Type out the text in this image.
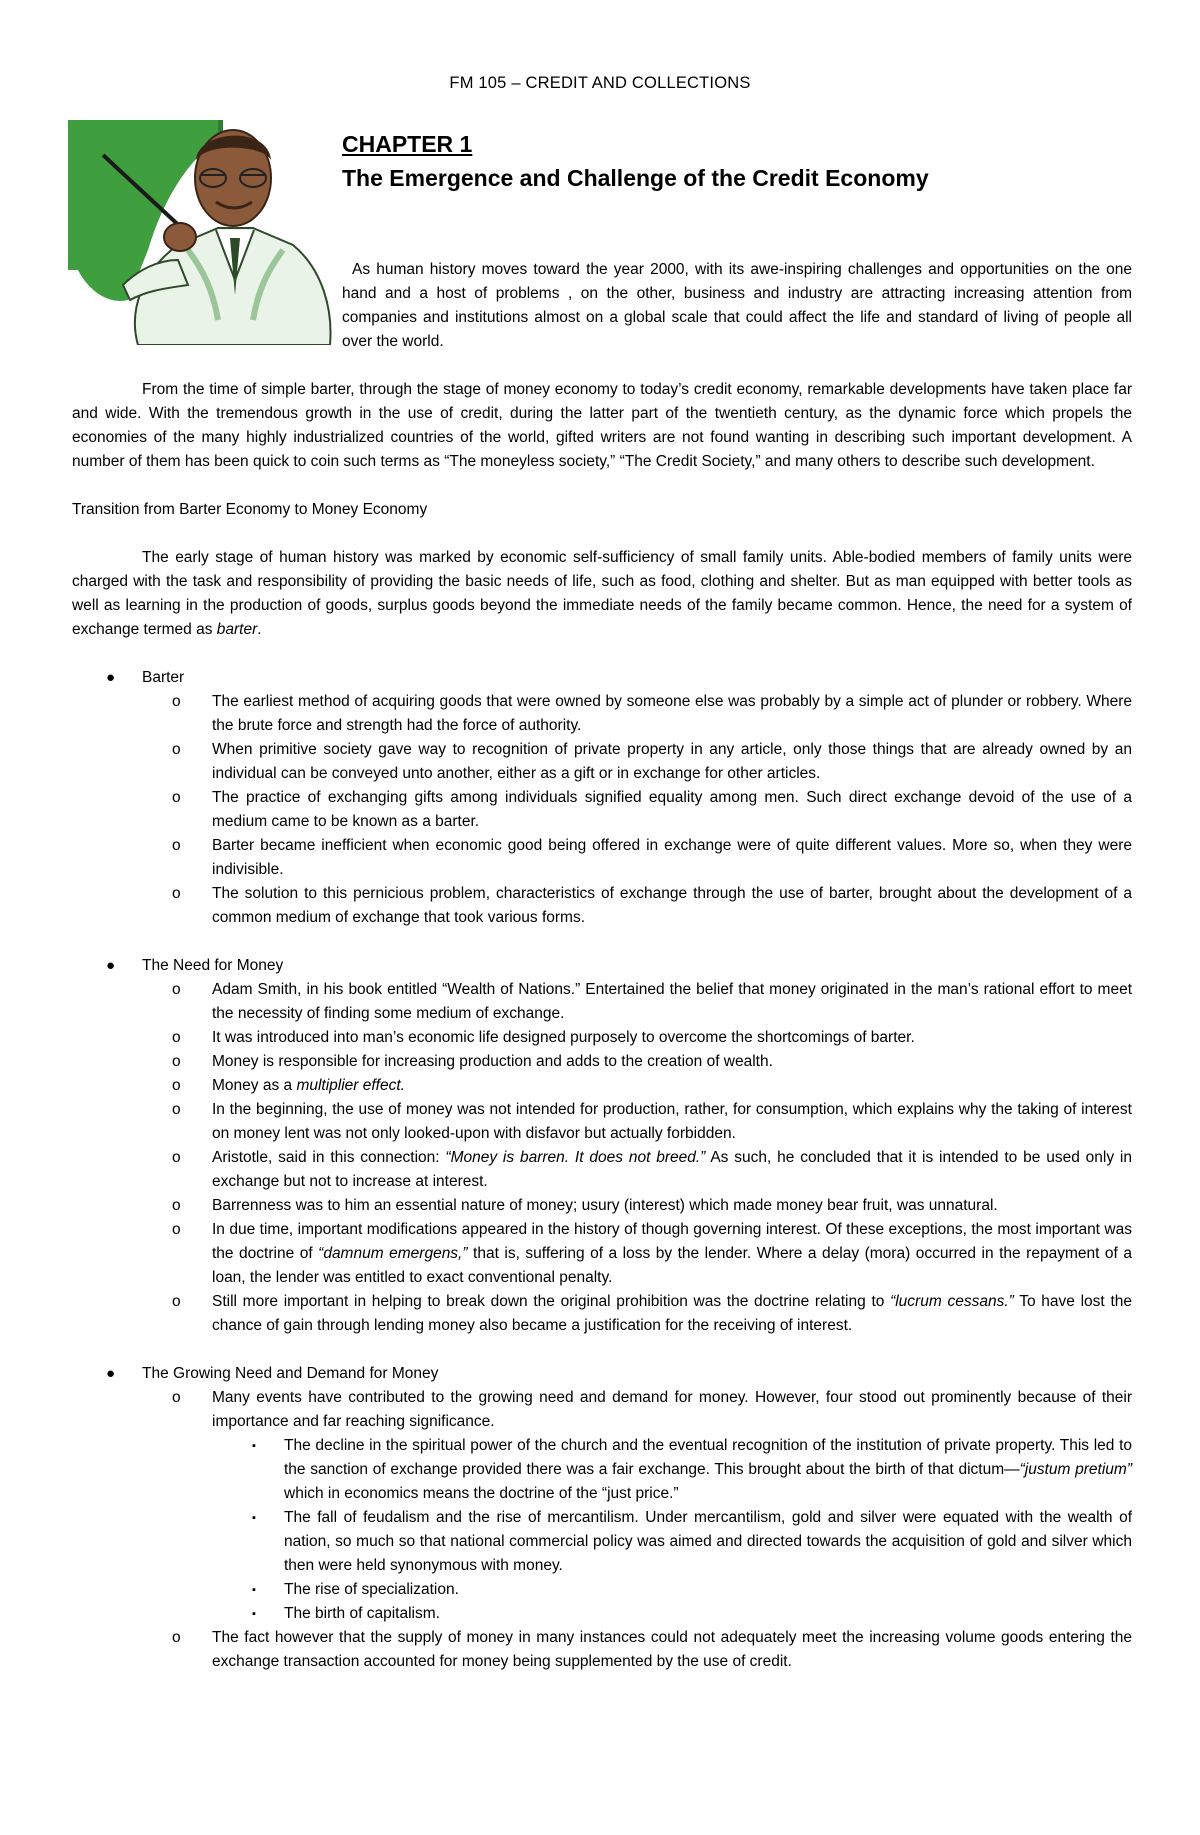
FM 105 – CREDIT AND COLLECTIONS

CHAPTER 1

The Emergence and Challenge of the Credit Economy

As human history moves toward the year 2000, with its awe-inspiring challenges and opportunities on the one hand and a host of problems , on the other, business and industry are attracting increasing attention from companies and institutions almost on a global scale that could affect the life and standard of living of people all over the world.

From the time of simple barter, through the stage of money economy to today’s credit economy, remarkable developments have taken place far and wide. With the tremendous growth in the use of credit, during the latter part of the twentieth century, as the dynamic force which propels the economies of the many highly industrialized countries of the world, gifted writers are not found wanting in describing such important development. A number of them has been quick to coin such terms as “The moneyless society,” “The Credit Society,” and many others to describe such development.

Transition from Barter Economy to Money Economy

The early stage of human history was marked by economic self-sufficiency of small family units. Able-bodied members of family units were charged with the task and responsibility of providing the basic needs of life, such as food, clothing and shelter. But as man equipped with better tools as well as learning in the production of goods, surplus goods beyond the immediate needs of the family became common. Hence, the need for a system of exchange termed as barter.

● Barter
o The earliest method of acquiring goods that were owned by someone else was probably by a simple act of plunder or robbery. Where the brute force and strength had the force of authority.
o When primitive society gave way to recognition of private property in any article, only those things that are already owned by an individual can be conveyed unto another, either as a gift or in exchange for other articles.
o The practice of exchanging gifts among individuals signified equality among men. Such direct exchange devoid of the use of a medium came to be known as a barter.
o Barter became inefficient when economic good being offered in exchange were of quite different values. More so, when they were indivisible.
o The solution to this pernicious problem, characteristics of exchange through the use of barter, brought about the development of a common medium of exchange that took various forms.
● The Need for Money
o Adam Smith, in his book entitled “Wealth of Nations.” Entertained the belief that money originated in the man’s rational effort to meet the necessity of finding some medium of exchange.
o It was introduced into man’s economic life designed purposely to overcome the shortcomings of barter.
o Money is responsible for increasing production and adds to the creation of wealth.
o Money as a multiplier effect.
o In the beginning, the use of money was not intended for production, rather, for consumption, which explains why the taking of interest on money lent was not only looked-upon with disfavor but actually forbidden.
o Aristotle, said in this connection: “Money is barren. It does not breed.” As such, he concluded that it is intended to be used only in exchange but not to increase at interest.
o Barrenness was to him an essential nature of money; usury (interest) which made money bear fruit, was unnatural.
o In due time, important modifications appeared in the history of though governing interest. Of these exceptions, the most important was the doctrine of “damnum emergens,” that is, suffering of a loss by the lender. Where a delay (mora) occurred in the repayment of a loan, the lender was entitled to exact conventional penalty.
o Still more important in helping to break down the original prohibition was the doctrine relating to “lucrum cessans.” To have lost the chance of gain through lending money also became a justification for the receiving of interest.
● The Growing Need and Demand for Money
o Many events have contributed to the growing need and demand for money. However, four stood out prominently because of their importance and far reaching significance.
▪ The decline in the spiritual power of the church and the eventual recognition of the institution of private property. This led to the sanction of exchange provided there was a fair exchange. This brought about the birth of that dictum—“justum pretium” which in economics means the doctrine of the “just price.”
▪ The fall of feudalism and the rise of mercantilism. Under mercantilism, gold and silver were equated with the wealth of nation, so much so that national commercial policy was aimed and directed towards the acquisition of gold and silver which then were held synonymous with money.
▪ The rise of specialization.
▪ The birth of capitalism.
o The fact however that the supply of money in many instances could not adequately meet the increasing volume goods entering the exchange transaction accounted for money being supplemented by the use of credit.
